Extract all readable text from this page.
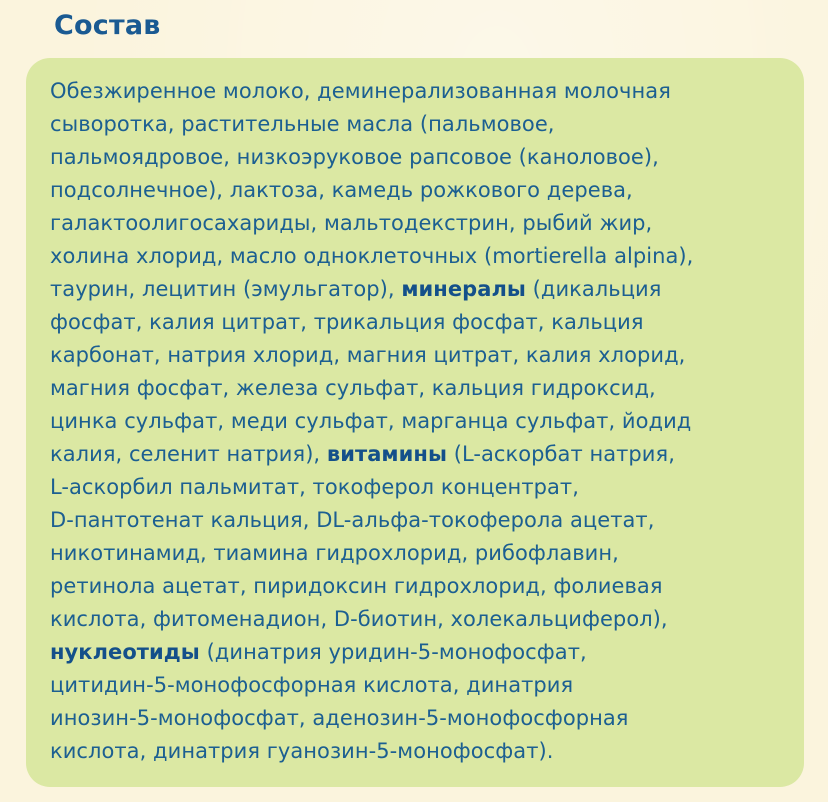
Состав

Обезжиренное молоко, деминерализованная молочная
сыворотка, растительные масла (пальмовое,
пальмоядровое, низкоэруковое рапсовое (каноловое),
подсолнечное), лактоза, камедь рожкового дерева,
галактоолигосахариды, мальтодекстрин, рыбий жир,
холина хлорид, масло одноклеточных (mortierella alpina),
таурин, лецитин (эмульгатор), минералы (дикальция
фосфат, калия цитрат, трикальция фосфат, кальция
карбонат, натрия хлорид, магния цитрат, калия хлорид,
магния фосфат, железа сульфат, кальция гидроксид,
цинка сульфат, меди сульфат, марганца сульфат, йодид
калия, селенит натрия), витамины (L-аскорбат натрия,
L-аскорбил пальмитат, токоферол концентрат,
D-пантотенат кальция, DL-альфа-токоферола ацетат,
никотинамид, тиамина гидрохлорид, рибофлавин,
ретинола ацетат, пиридоксин гидрохлорид, фолиевая
кислота, фитоменадион, D-биотин, холекальциферол),
нуклеотиды (динатрия уридин-5-монофосфат,
цитидин-5-монофосфорная кислота, динатрия
инозин-5-монофосфат, аденозин-5-монофосфорная
кислота, динатрия гуанозин-5-монофосфат).
